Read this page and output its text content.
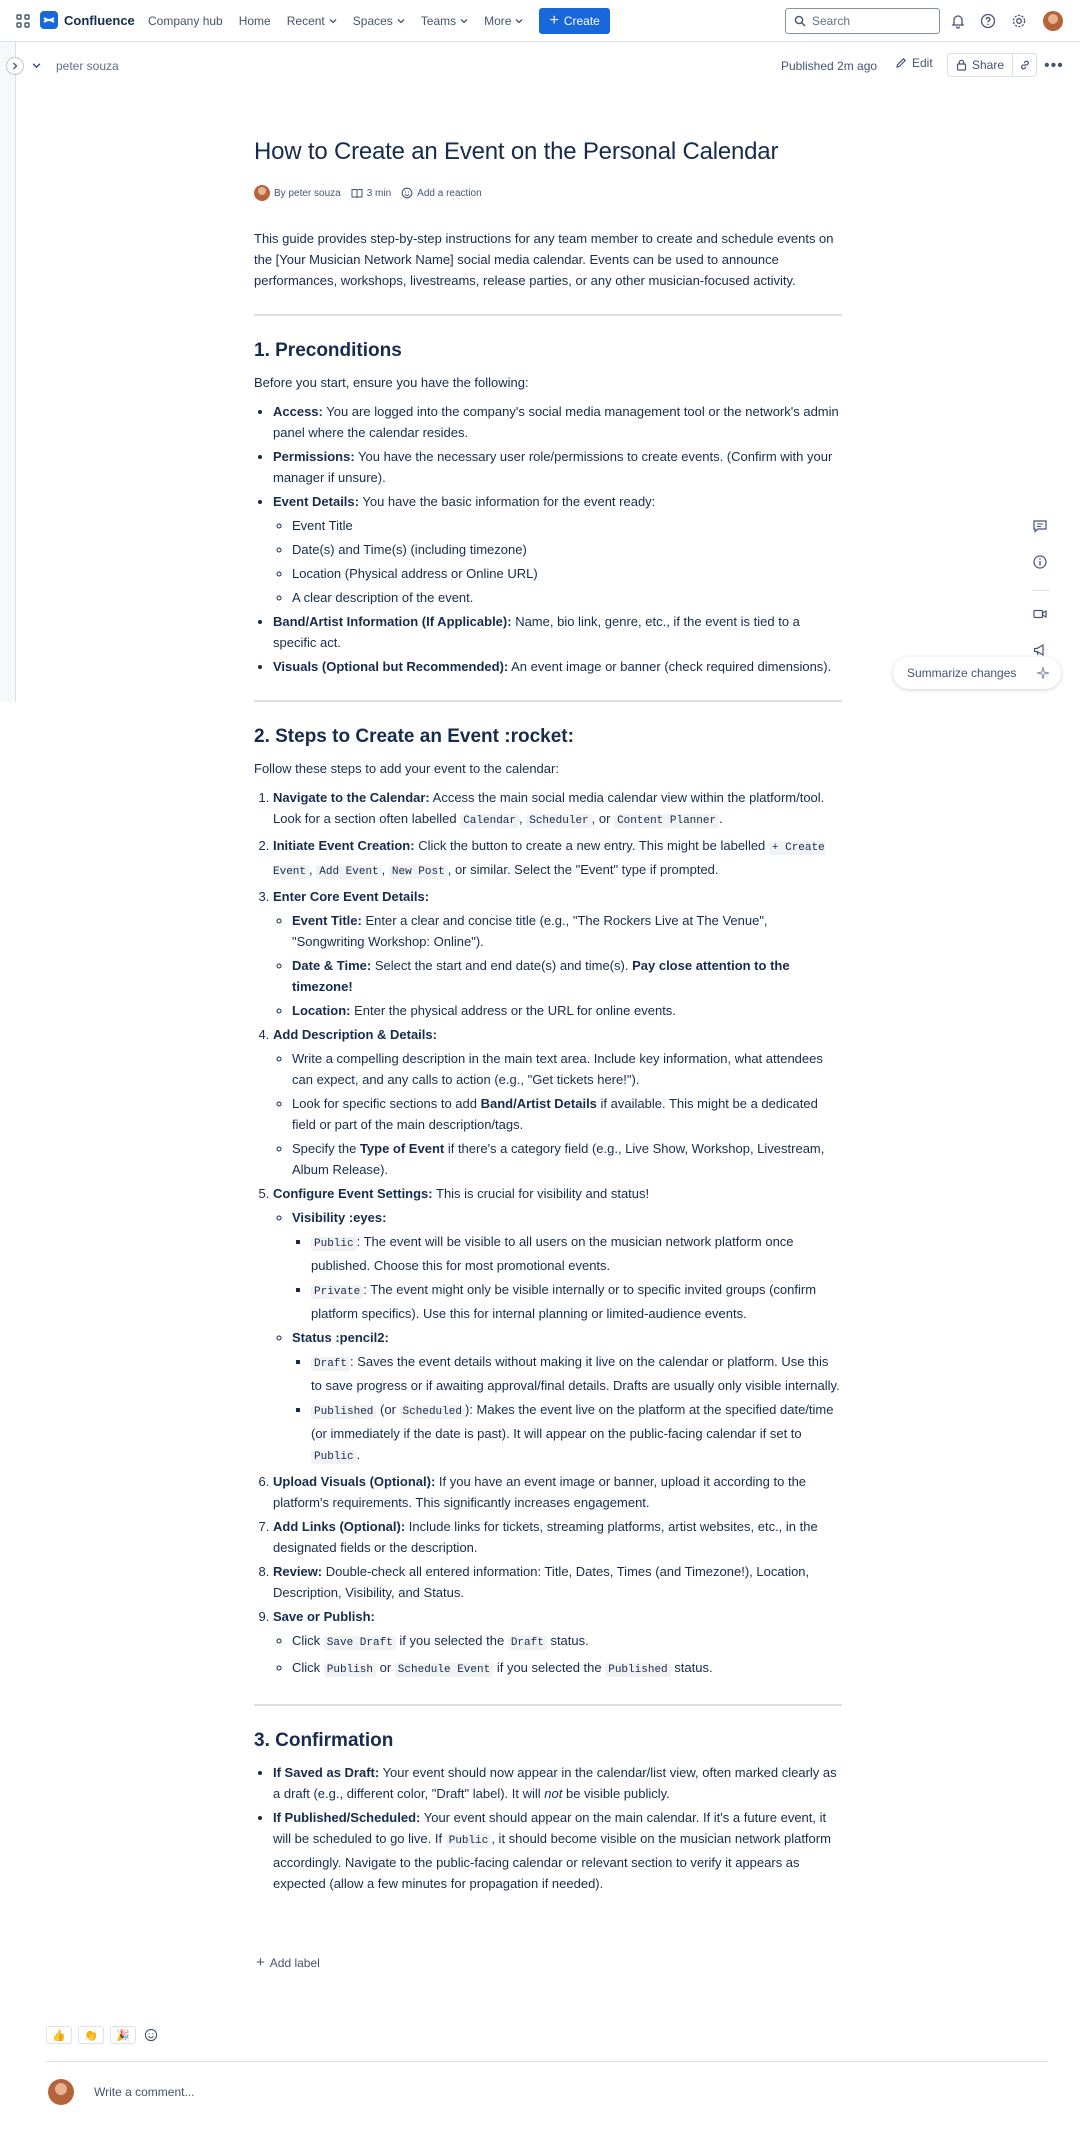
Confluence Company hub Home Recent Spaces Teams More + Create	Search
peter souza	Published 2m ago	Edit	Share •••
How to Create an Event on the Personal Calendar
By peter souza	3 min	Add a reaction
This guide provides step-by-step instructions for any team member to create and schedule events on the [Your Musician Network Name] social media calendar. Events can be used to announce performances, workshops, livestreams, release parties, or any other musician-focused activity.
1. Preconditions

Before you start, ensure you have the following:

• Access: You are logged into the company's social media management tool or the network's admin panel where the calendar resides.
• Permissions: You have the necessary user role/permissions to create events. (Confirm with your manager if unsure).
• Event Details: You have the basic information for the event ready:
◦ Event Title
◦ Date(s) and Time(s) (including timezone)
◦ Location (Physical address or Online URL)
◦ A clear description of the event.
• Band/Artist Information (If Applicable): Name, bio link, genre, etc., if the event is tied to a specific act.
• Visuals (Optional but Recommended): An event image or banner (check required dimensions).
2. Steps to Create an Event :rocket:

Follow these steps to add your event to the calendar:

1. Navigate to the Calendar: Access the main social media calendar view within the platform/tool. Look for a section often labelled Calendar , Scheduler , or Content Planner .
2. Initiate Event Creation: Click the button to create a new entry. This might be labelled + Create Event , Add Event , New Post , or similar. Select the "Event" type if prompted.
3. Enter Core Event Details:
◦ Event Title: Enter a clear and concise title (e.g., "The Rockers Live at The Venue", "Songwriting Workshop: Online").
◦ Date & Time: Select the start and end date(s) and time(s). Pay close attention to the timezone!
◦ Location: Enter the physical address or the URL for online events.
4. Add Description & Details:
◦ Write a compelling description in the main text area. Include key information, what attendees can expect, and any calls to action (e.g., "Get tickets here!").
◦ Look for specific sections to add Band/Artist Details if available. This might be a dedicated field or part of the main description/tags.
◦ Specify the Type of Event if there's a category field (e.g., Live Show, Workshop, Livestream, Album Release).
5. Configure Event Settings: This is crucial for visibility and status!
◦ Visibility :eyes:
▪ Public : The event will be visible to all users on the musician network platform once published. Choose this for most promotional events.
▪ Private : The event might only be visible internally or to specific invited groups (confirm platform specifics). Use this for internal planning or limited-audience events.
◦ Status :pencil2:
▪ Draft : Saves the event details without making it live on the calendar or platform. Use this to save progress or if awaiting approval/final details. Drafts are usually only visible internally.
▪ Published (or Scheduled ): Makes the event live on the platform at the specified date/time (or immediately if the date is past). It will appear on the public-facing calendar if set to Public .
6. Upload Visuals (Optional): If you have an event image or banner, upload it according to the platform's requirements. This significantly increases engagement.
7. Add Links (Optional): Include links for tickets, streaming platforms, artist websites, etc., in the designated fields or the description.
8. Review: Double-check all entered information: Title, Dates, Times (and Timezone!), Location, Description, Visibility, and Status.
9. Save or Publish:
◦ Click Save Draft if you selected the Draft status.
◦ Click Publish or Schedule Event if you selected the Published status.
3. Confirmation
• If Saved as Draft: Your event should now appear in the calendar/list view, often marked clearly as a draft (e.g., different color, "Draft" label). It will not be visible publicly.
• If Published/Scheduled: Your event should appear on the main calendar. If it's a future event, it will be scheduled to go live. If Public , it should become visible on the musician network platform accordingly. Navigate to the public-facing calendar or relevant section to verify it appears as expected (allow a few minutes for propagation if needed).

Summarize changes
+ Add label
👍	👏	🎉
Write a comment...
